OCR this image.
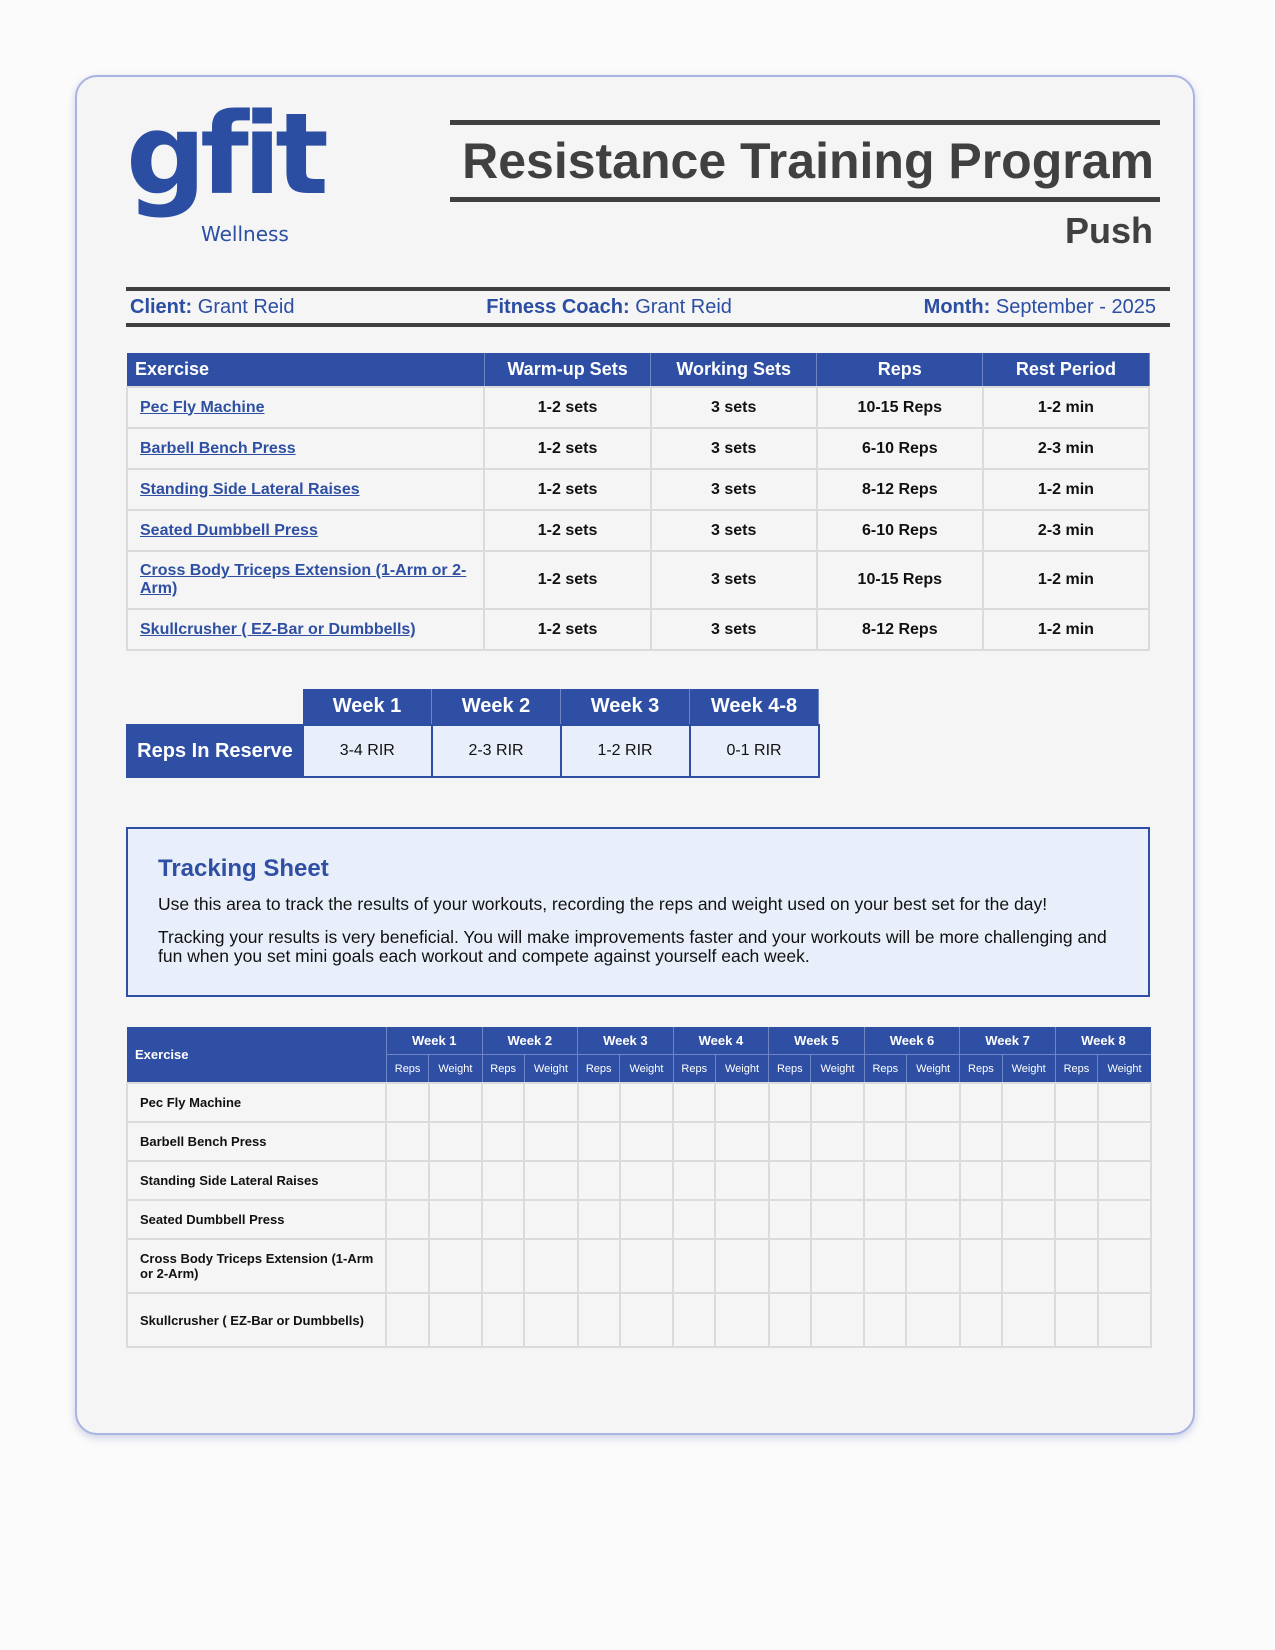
gfit
Wellness
Resistance Training Program
Push
Client: Grant Reid	Fitness Coach: Grant Reid	Month: September - 2025
Exercise	Warm-up Sets	Working Sets	Reps	Rest Period
Pec Fly Machine	1-2 sets	3 sets	10-15 Reps	1-2 min
Barbell Bench Press	1-2 sets	3 sets	6-10 Reps	2-3 min
Standing Side Lateral Raises	1-2 sets	3 sets	8-12 Reps	1-2 min
Seated Dumbbell Press	1-2 sets	3 sets	6-10 Reps	2-3 min
Cross Body Triceps Extension (1-Arm or 2-Arm)	1-2 sets	3 sets	10-15 Reps	1-2 min
Skullcrusher ( EZ-Bar or Dumbbells)	1-2 sets	3 sets	8-12 Reps	1-2 min
	Week 1	Week 2	Week 3	Week 4-8
Reps In Reserve	3-4 RIR	2-3 RIR	1-2 RIR	0-1 RIR
Tracking Sheet

Use this area to track the results of your workouts, recording the reps and weight used on your best set for the day!

Tracking your results is very beneficial. You will make improvements faster and your workouts will be more challenging and fun when you set mini goals each workout and compete against yourself each week.

Exercise	Week 1		Week 2		Week 3		Week 4		Week 5		Week 6		Week 7		Week 8	
	Reps	Weight	Reps	Weight	Reps	Weight	Reps	Weight	Reps	Weight	Reps	Weight	Reps	Weight	Reps	Weight
Pec Fly Machine																
Barbell Bench Press																
Standing Side Lateral Raises																
Seated Dumbbell Press																
Cross Body Triceps Extension (1-Arm or 2-Arm)																
Skullcrusher ( EZ-Bar or Dumbbells)																
